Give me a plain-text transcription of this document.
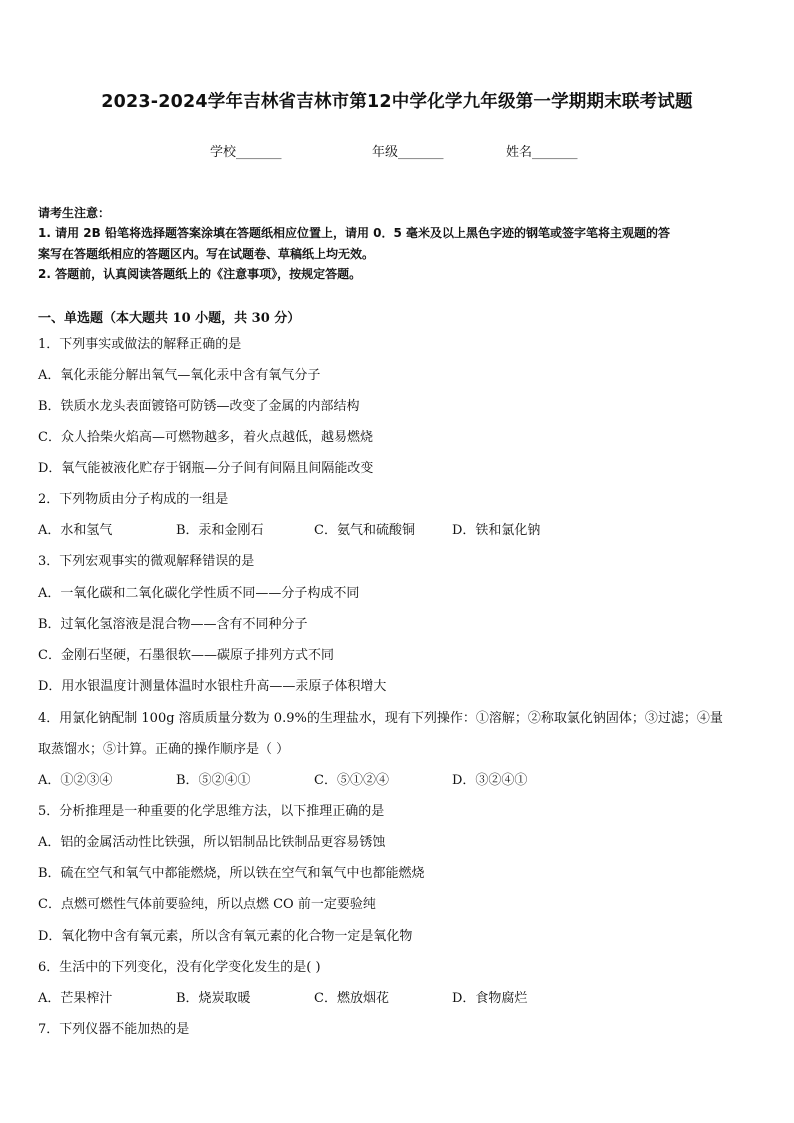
2023-2024学年吉林省吉林市第12中学化学九年级第一学期期末联考试题
学校_______	年级_______	姓名_______
请考生注意：
1. 请用 2B 铅笔将选择题答案涂填在答题纸相应位置上，请用 0．5 毫米及以上黑色字迹的钢笔或签字笔将主观题的答
案写在答题纸相应的答题区内。写在试题卷、草稿纸上均无效。
2. 答题前，认真阅读答题纸上的《注意事项》，按规定答题。
一、单选题（本大题共 10 小题，共 30 分）
1．下列事实或做法的解释正确的是
A．氧化汞能分解出氧气—氧化汞中含有氧气分子
B．铁质水龙头表面镀铬可防锈—改变了金属的内部结构
C．众人拾柴火焰高—可燃物越多，着火点越低，越易燃烧
D．氧气能被液化贮存于钢瓶—分子间有间隔且间隔能改变
2．下列物质由分子构成的一组是
A．水和氢气	B．汞和金刚石	C．氨气和硫酸铜	D．铁和氯化钠
3．下列宏观事实的微观解释错误的是
A．一氧化碳和二氧化碳化学性质不同——分子构成不同
B．过氧化氢溶液是混合物——含有不同种分子
C．金刚石坚硬，石墨很软——碳原子排列方式不同
D．用水银温度计测量体温时水银柱升高——汞原子体积增大
4．用氯化钠配制 100g 溶质质量分数为 0.9%的生理盐水，现有下列操作：①溶解；②称取氯化钠固体；③过滤；④量
取蒸馏水；⑤计算。正确的操作顺序是（ ）
A．①②③④	B．⑤②④①	C．⑤①②④	D．③②④①
5．分析推理是一种重要的化学思维方法，以下推理正确的是
A．铝的金属活动性比铁强，所以铝制品比铁制品更容易锈蚀
B．硫在空气和氧气中都能燃烧，所以铁在空气和氧气中也都能燃烧
C．点燃可燃性气体前要验纯，所以点燃 CO 前一定要验纯
D．氧化物中含有氧元素，所以含有氧元素的化合物一定是氧化物
6．生活中的下列变化，没有化学变化发生的是( )
A．芒果榨汁	B．烧炭取暖	C．燃放烟花	D．食物腐烂
7．下列仪器不能加热的是
